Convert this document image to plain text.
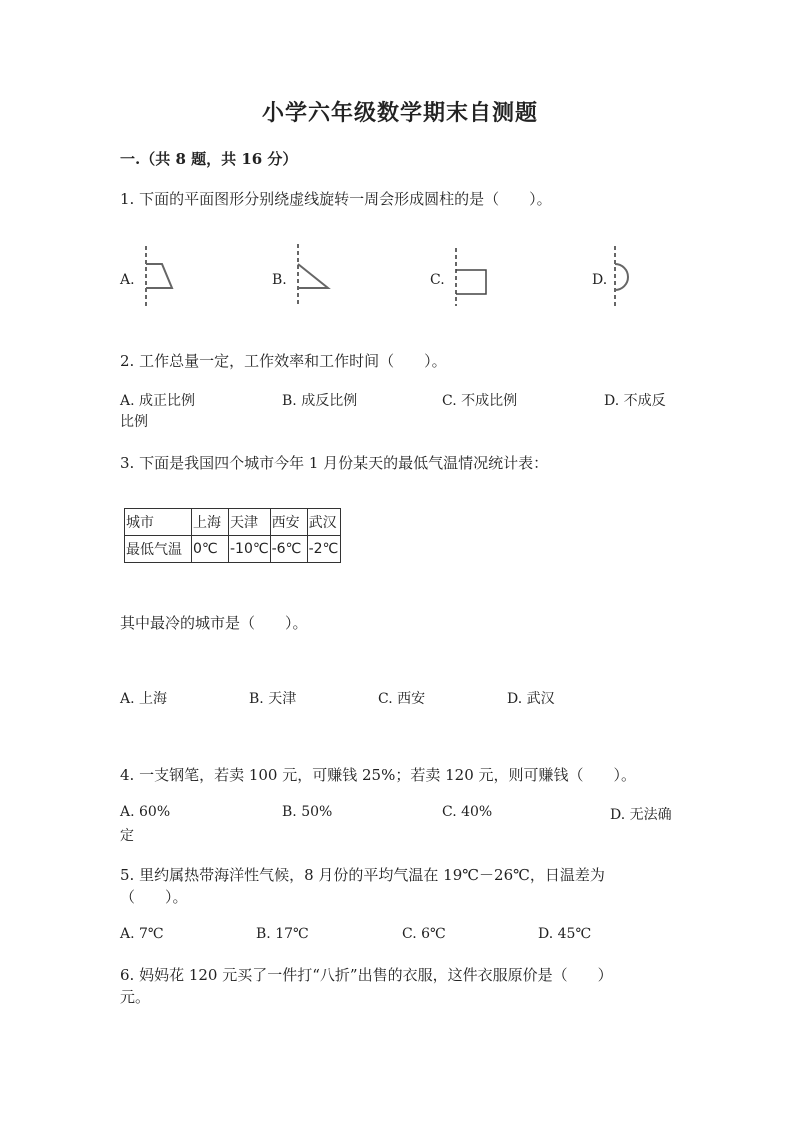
小学六年级数学期末自测题
一.（共 8 题，共 16 分）
1. 下面的平面图形分别绕虚线旋转一周会形成圆柱的是（　　）。
A.	B.	C.	D.
2. 工作总量一定，工作效率和工作时间（　　）。
A. 成正比例	B. 成反比例	C. 不成比例	D. 不成反
比例
3. 下面是我国四个城市今年 1 月份某天的最低气温情况统计表：
城市	上海	天津	西安	武汉
最低气温	0℃	-10℃	-6℃	-2℃
其中最冷的城市是（　　）。
A. 上海	B. 天津	C. 西安	D. 武汉
4. 一支钢笔，若卖 100 元，可赚钱 25%；若卖 120 元，则可赚钱（　　）。
A. 60%	B. 50%	C. 40%	D. 无法确
定
5. 里约属热带海洋性气候，8 月份的平均气温在 19℃－26℃，日温差为
（　　）。
A. 7℃	B. 17℃	C. 6℃	D. 45℃
6. 妈妈花 120 元买了一件打“八折”出售的衣服，这件衣服原价是（　　）
元。
